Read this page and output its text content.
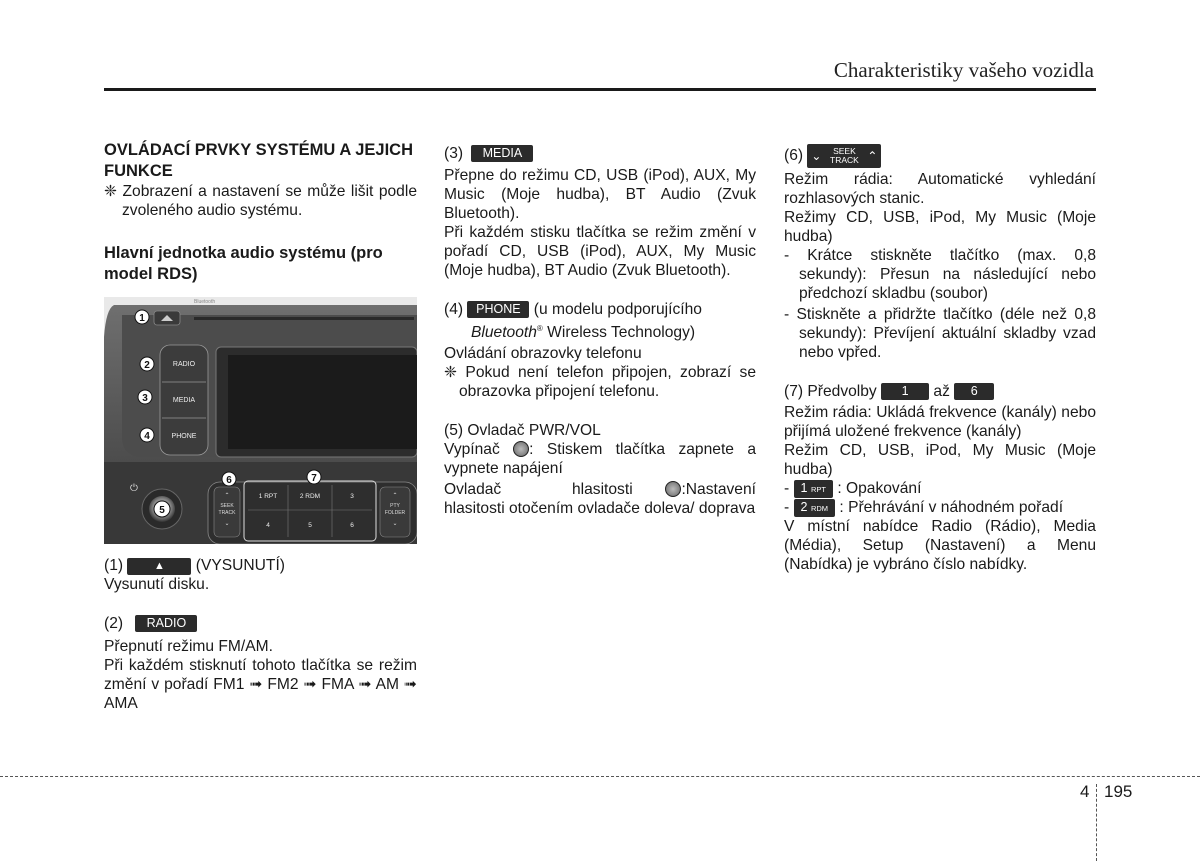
Charakteristiky vašeho vozidla

OVLÁDACÍ PRVKY SYSTÉMU A JEJICH FUNKCE

❈ Zobrazení a nastavení se může lišit podle zvoleného audio systému.

Hlavní jednotka audio systému (pro model RDS)

Bluetooth
RADIO
MEDIA
PHONE
⏻
⌃
SEEK
TRACK
⌄
1 RPT	2 RDM	3
4	5	6
⌃
PTY
FOLDER
⌄
1
2
3
4
5
6	7

(1)	▲ (VYSUNUTÍ)

Vysunutí disku.

(2) RADIO

Přepnutí režimu FM/AM.

Při každém stisknutí tohoto tlačítka se režim změní v pořadí FM1 ➟ FM2 ➟ FMA ➟ AM ➟ AMA

(3) MEDIA

Přepne do režimu CD, USB (iPod), AUX, My Music (Moje hudba), BT Audio (Zvuk Bluetooth).

Při každém stisku tlačítka se režim změní v pořadí CD, USB (iPod), AUX, My Music (Moje hudba), BT Audio (Zvuk Bluetooth).

(4) PHONE (u modelu podporujícího

Bluetooth® Wireless Technology)

Ovládání obrazovky telefonu

❈ Pokud není telefon připojen, zobrazí se obrazovka připojení telefonu.

(5) Ovladač PWR/VOL

Vypínač : Stiskem tlačítka zapnete a vypnete napájení

Ovladač hlasitosti	:Nastavení hlasitosti otočením ovladače doleva/ doprava

(6) ⌄	SEEK TRACK ⌃

Režim rádia: Automatické vyhledání rozhlasových stanic.

Režimy CD, USB, iPod, My Music (Moje hudba)

- Krátce stiskněte tlačítko (max. 0,8 sekundy): Přesun na následující nebo předchozí skladbu (soubor)

- Stiskněte a přidržte tlačítko (déle než 0,8 sekundy): Převíjení aktuální skladby vzad nebo vpřed.

(7) Předvolby 1 až 6

Režim rádia: Ukládá frekvence (kanály) nebo přijímá uložené frekvence (kanály)

Režim CD, USB, iPod, My Music (Moje hudba)

- 1 RPT : Opakování

- 2 RDM : Přehrávání v náhodném pořadí

V místní nabídce Radio (Rádio), Media (Média), Setup (Nastavení) a Menu (Nabídka) je vybráno číslo nabídky.

4 195
